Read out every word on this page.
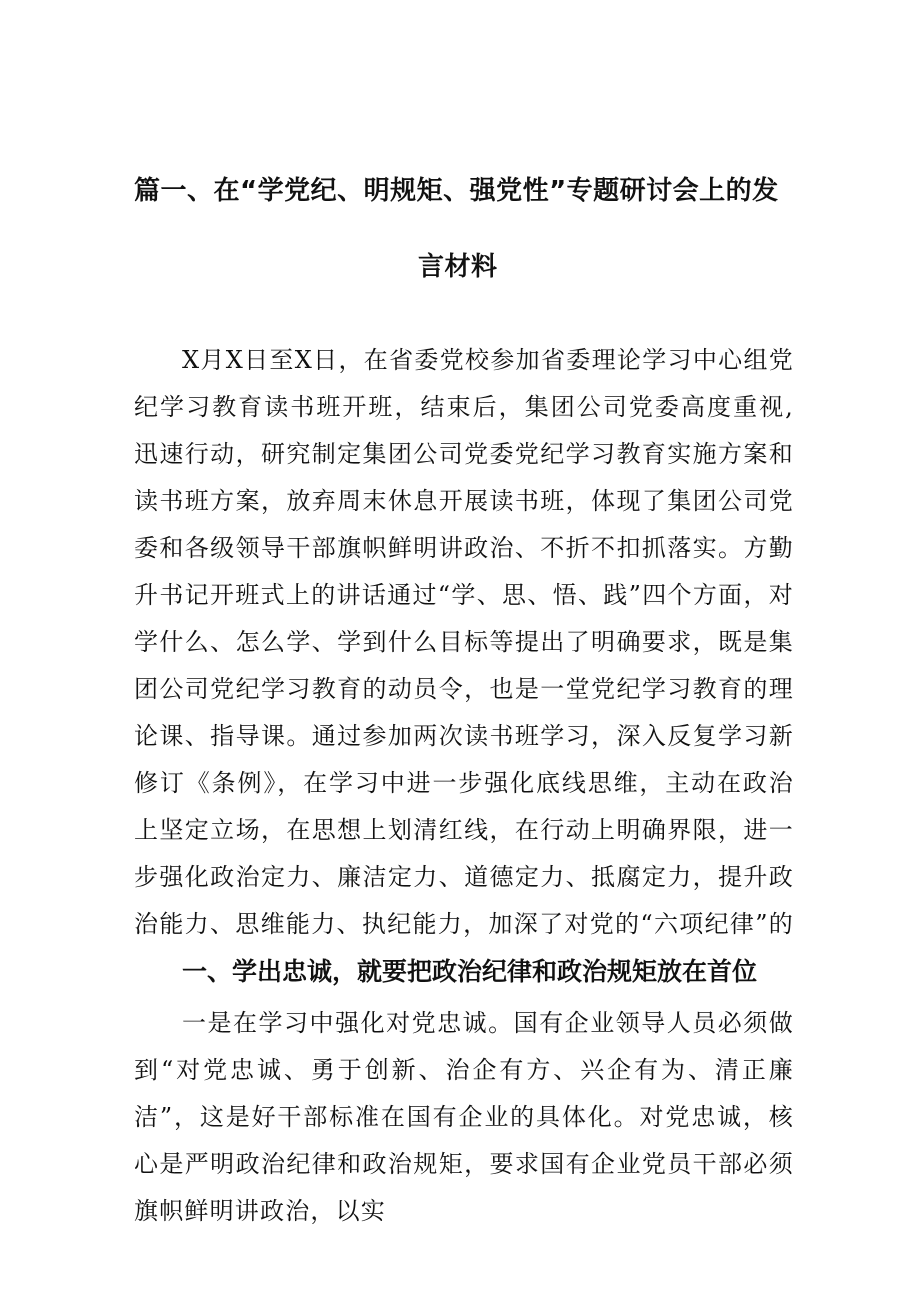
篇一、在“学党纪、明规矩、强党性”专题研讨会上的发
言材料

X月X日至X日，在省委党校参加省委理论学习中心组党纪学习教育读书班开班，结束后，集团公司党委高度重视,迅速行动，研究制定集团公司党委党纪学习教育实施方案和读书班方案，放弃周末休息开展读书班，体现了集团公司党委和各级领导干部旗帜鲜明讲政治、不折不扣抓落实。方勤升书记开班式上的讲话通过“学、思、悟、践”四个方面，对学什么、怎么学、学到什么目标等提出了明确要求，既是集团公司党纪学习教育的动员令，也是一堂党纪学习教育的理论课、指导课。通过参加两次读书班学习，深入反复学习新修订《条例》，在学习中进一步强化底线思维，主动在政治上坚定立场，在思想上划清红线，在行动上明确界限，进一步强化政治定力、廉洁定力、道德定力、抵腐定力，提升政治能力、思维能力、执纪能力，加深了对党的“六项纪律”的

一、学出忠诚，就要把政治纪律和政治规矩放在首位

一是在学习中强化对党忠诚。国有企业领导人员必须做到“对党忠诚、勇于创新、治企有方、兴企有为、清正廉洁”，这是好干部标准在国有企业的具体化。对党忠诚，核心是严明政治纪律和政治规矩，要求国有企业党员干部必须旗帜鲜明讲政治，以实
